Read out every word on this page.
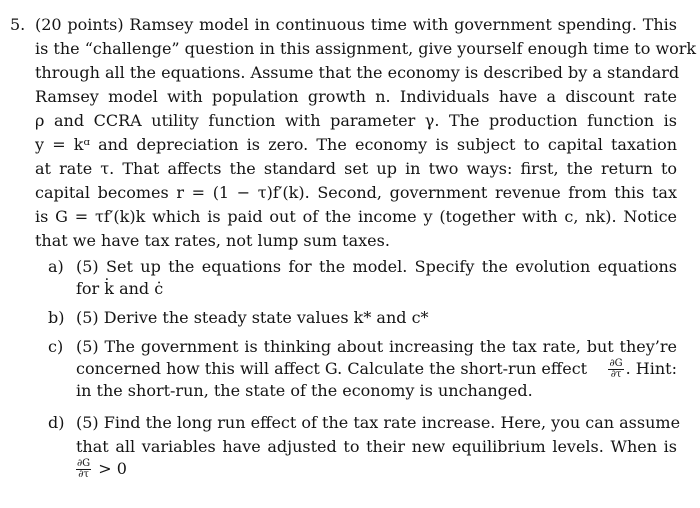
5. (20 points) Ramsey model in continuous time with government spending. This
is the “challenge” question in this assignment, give yourself enough time to work
through all the equations. Assume that the economy is described by a standard
Ramsey model with population growth n. Individuals have a discount rate
ρ and CCRA utility function with parameter γ. The production function is
y = kᵅ and depreciation is zero. The economy is subject to capital taxation
at rate τ. That affects the standard set up in two ways: first, the return to
capital becomes r = (1 − τ)f′(k). Second, government revenue from this tax
is G = τf′(k)k which is paid out of the income y (together with c, nk). Notice
that we have tax rates, not lump sum taxes.
a) (5) Set up the equations for the model. Specify the evolution equations
for k̇ and ċ
b) (5) Derive the steady state values k* and c*
c) (5) The government is thinking about increasing the tax rate, but they’re
concerned how this will affect G. Calculate the short-run effect $\frac{\partial G}{\partial\tau}$ . Hint:
in the short-run, the state of the economy is unchanged.
d) (5) Find the long run effect of the tax rate increase. Here, you can assume
that all variables have adjusted to their new equilibrium levels. When is
$\frac{\partial G}{\partial\tau} > 0$
